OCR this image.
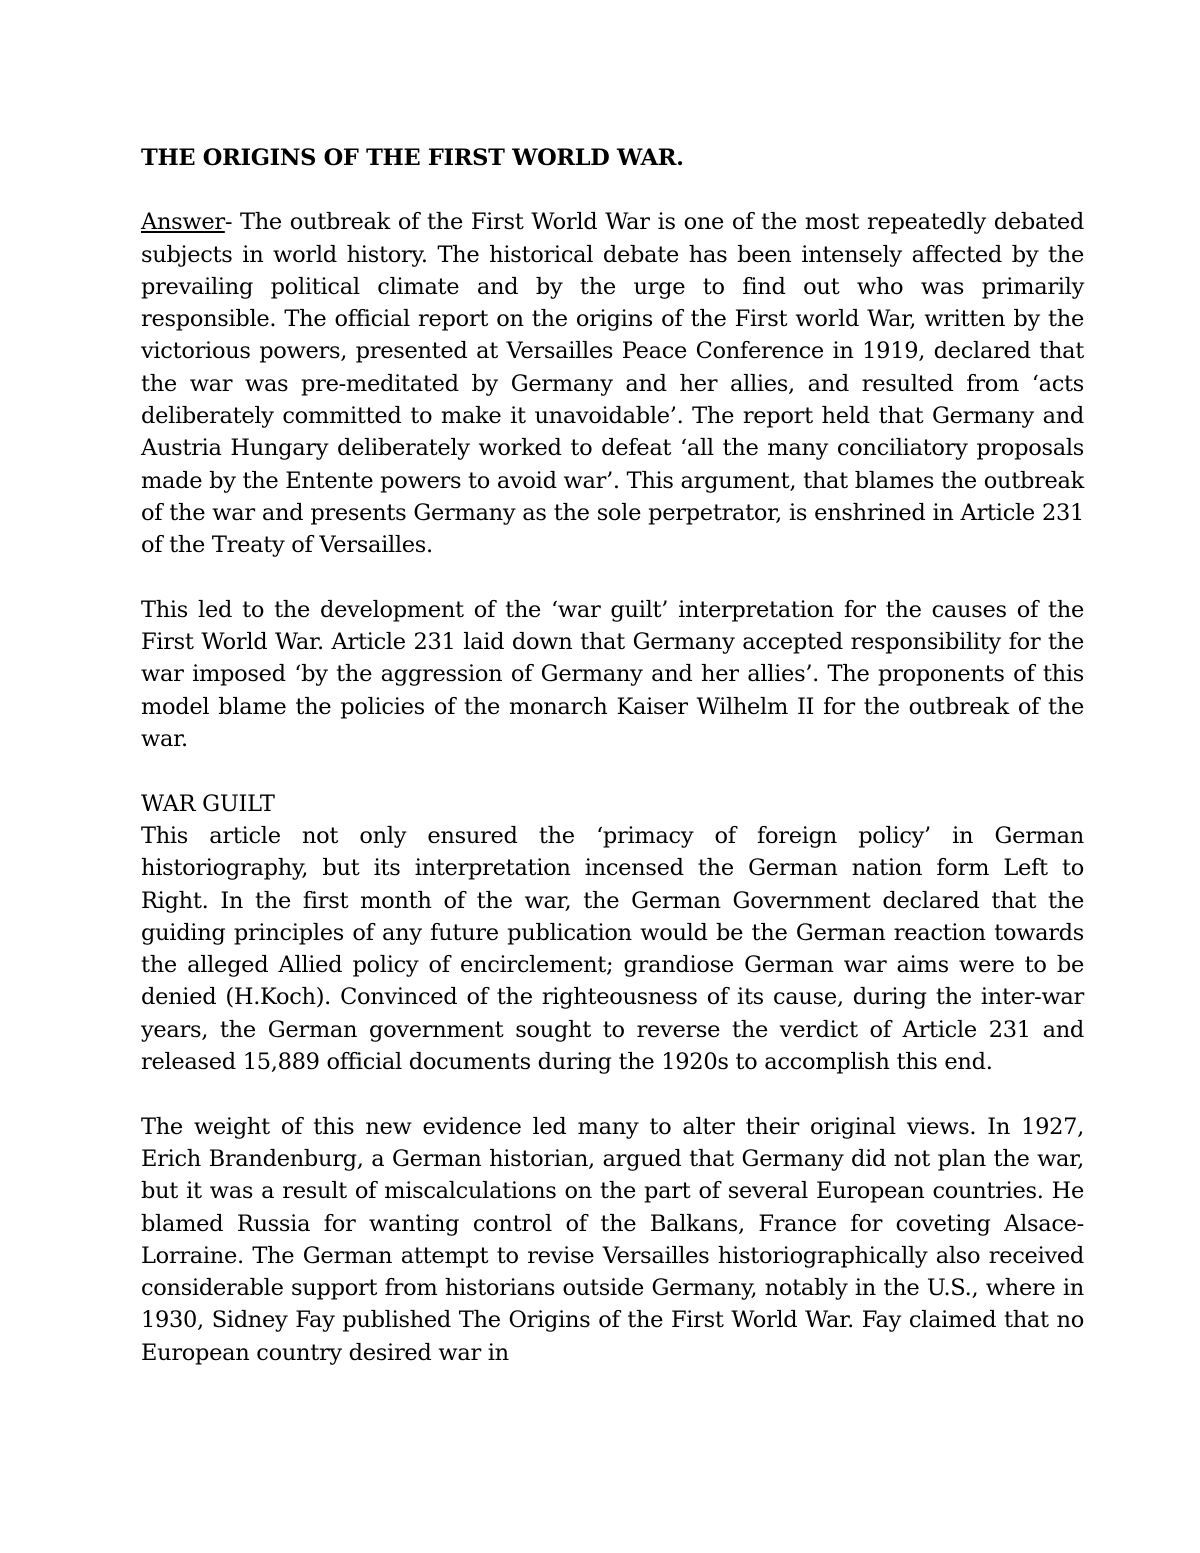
THE ORIGINS OF THE FIRST WORLD WAR.

Answer- The outbreak of the First World War is one of the most repeatedly debated subjects in world history. The historical debate has been intensely affected by the prevailing political climate and by the urge to find out who was primarily responsible. The official report on the origins of the First world War, written by the victorious powers, presented at Versailles Peace Conference in 1919, declared that the war was pre-meditated by Germany and her allies, and resulted from ‘acts deliberately committed to make it unavoidable’. The report held that Germany and Austria Hungary deliberately worked to defeat ‘all the many conciliatory proposals made by the Entente powers to avoid war’. This argument, that blames the outbreak of the war and presents Germany as the sole perpetrator, is enshrined in Article 231 of the Treaty of Versailles.

This led to the development of the ‘war guilt’ interpretation for the causes of the First World War. Article 231 laid down that Germany accepted responsibility for the war imposed ‘by the aggression of Germany and her allies’. The proponents of this model blame the policies of the monarch Kaiser Wilhelm II for the outbreak of the war.

WAR GUILT
This article not only ensured the ‘primacy of foreign policy’ in German historiography, but its interpretation incensed the German nation form Left to Right. In the first month of the war, the German Government declared that the guiding principles of any future publication would be the German reaction towards the alleged Allied policy of encirclement; grandiose German war aims were to be denied (H.Koch). Convinced of the righteousness of its cause, during the inter-war years, the German government sought to reverse the verdict of Article 231 and released 15,889 official documents during the 1920s to accomplish this end.

The weight of this new evidence led many to alter their original views. In 1927, Erich Brandenburg, a German historian, argued that Germany did not plan the war, but it was a result of miscalculations on the part of several European countries. He blamed Russia for wanting control of the Balkans, France for coveting Alsace-Lorraine. The German attempt to revise Versailles historiographically also received considerable support from historians outside Germany, notably in the U.S., where in 1930, Sidney Fay published The Origins of the First World War. Fay claimed that no European country desired war in
